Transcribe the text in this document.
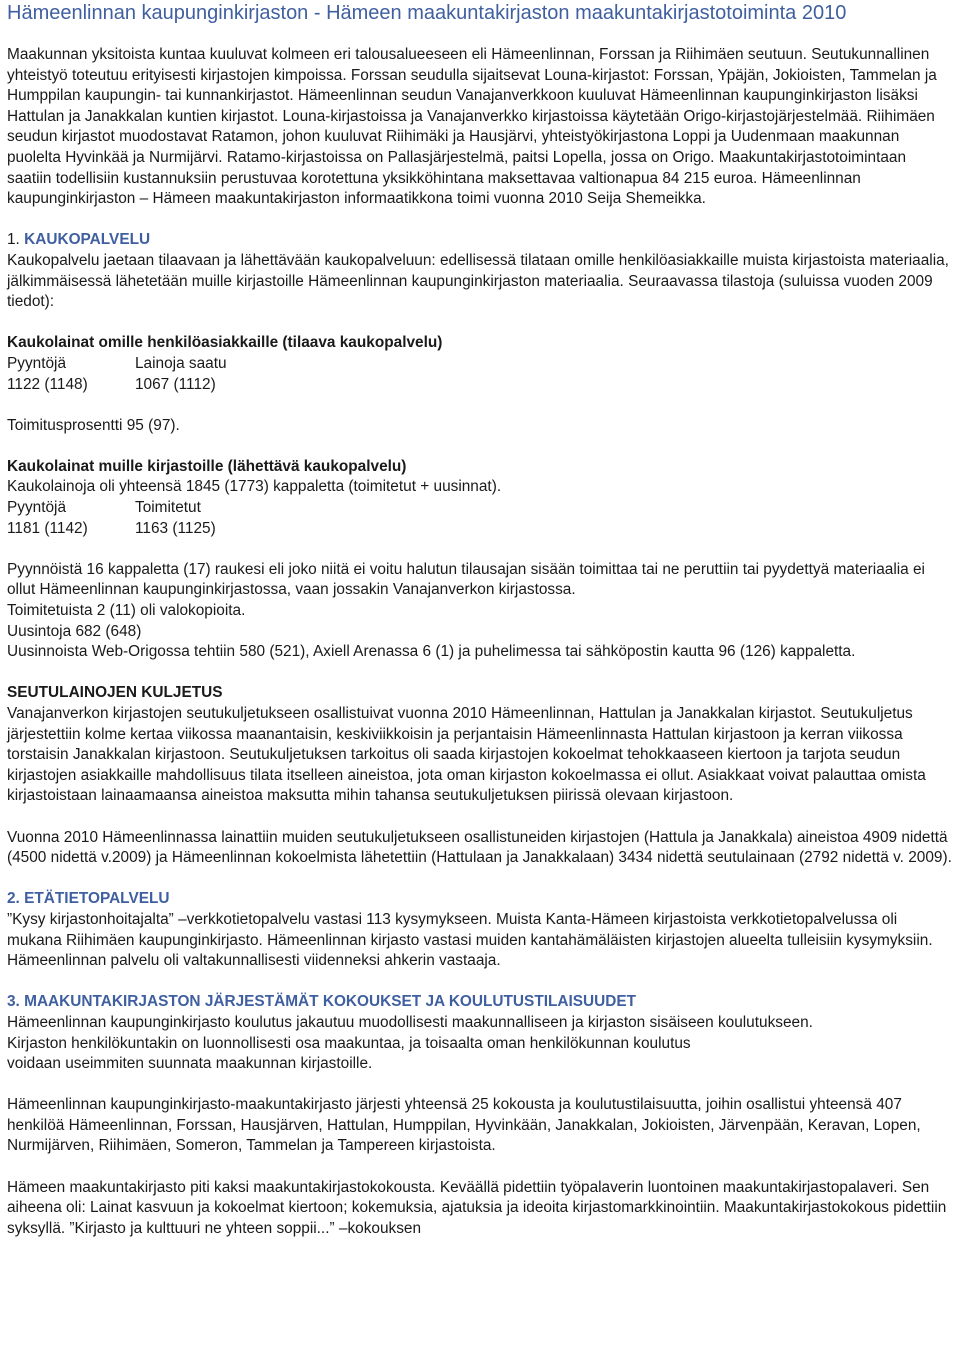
Hämeenlinnan kaupunginkirjaston - Hämeen maakuntakirjaston maakuntakirjastotoiminta 2010

Maakunnan yksitoista kuntaa kuuluvat kolmeen eri talousalueeseen eli Hämeenlinnan, Forssan ja Riihimäen seutuun. Seutukunnallinen yhteistyö toteutuu erityisesti kirjastojen kimpoissa. Forssan seudulla sijaitsevat Louna-kirjastot: Forssan, Ypäjän, Jokioisten, Tammelan ja Humppilan kaupungin- tai kunnankirjastot. Hämeenlinnan seudun Vanajanverkkoon kuuluvat Hämeenlinnan kaupunginkirjaston lisäksi Hattulan ja Janakkalan kuntien kirjastot. Louna-kirjastoissa ja Vanajanverkko kirjastoissa käytetään Origo-kirjastojärjestelmää. Riihimäen seudun kirjastot muodostavat Ratamon, johon kuuluvat Riihimäki ja Hausjärvi, yhteistyökirjastona Loppi ja Uudenmaan maakunnan puolelta Hyvinkää ja Nurmijärvi. Ratamo-kirjastoissa on Pallasjärjestelmä, paitsi Lopella, jossa on Origo. Maakuntakirjastotoimintaan saatiin todellisiin kustannuksiin perustuvaa korotettuna yksikköhintana maksettavaa valtionapua 84 215 euroa. Hämeenlinnan kaupunginkirjaston – Hämeen maakuntakirjaston informaatikkona toimi vuonna 2010 Seija Shemeikka.

1. KAUKOPALVELU

Kaukopalvelu jaetaan tilaavaan ja lähettävään kaukopalveluun: edellisessä tilataan omille henkilöasiakkaille muista kirjastoista materiaalia, jälkimmäisessä lähetetään muille kirjastoille Hämeenlinnan kaupunginkirjaston materiaalia. Seuraavassa tilastoja (suluissa vuoden 2009 tiedot):

Kaukolainat omille henkilöasiakkaille (tilaava kaukopalvelu)
Pyyntöjä	Lainoja saatu
1122 (1148)	1067 (1112)

Toimitusprosentti 95 (97).

Kaukolainat muille kirjastoille (lähettävä kaukopalvelu)

Kaukolainoja oli yhteensä 1845 (1773) kappaletta (toimitetut + uusinnat).

Pyyntöjä	Toimitetut
1181 (1142)	1163 (1125)

Pyynnöistä 16 kappaletta (17) raukesi eli joko niitä ei voitu halutun tilausajan sisään toimittaa tai ne peruttiin tai pyydettyä materiaalia ei ollut Hämeenlinnan kaupunginkirjastossa, vaan jossakin Vanajanverkon kirjastossa.

Toimitetuista 2 (11) oli valokopioita.

Uusintoja 682 (648)

Uusinnoista Web-Origossa tehtiin 580 (521), Axiell Arenassa 6 (1) ja puhelimessa tai sähköpostin kautta 96 (126) kappaletta.

SEUTULAINOJEN KULJETUS

Vanajanverkon kirjastojen seutukuljetukseen osallistuivat vuonna 2010 Hämeenlinnan, Hattulan ja Janakkalan kirjastot. Seutukuljetus järjestettiin kolme kertaa viikossa maanantaisin, keskiviikkoisin ja perjantaisin Hämeenlinnasta Hattulan kirjastoon ja kerran viikossa torstaisin Janakkalan kirjastoon. Seutukuljetuksen tarkoitus oli saada kirjastojen kokoelmat tehokkaaseen kiertoon ja tarjota seudun kirjastojen asiakkaille mahdollisuus tilata itselleen aineistoa, jota oman kirjaston kokoelmassa ei ollut. Asiakkaat voivat palauttaa omista kirjastoistaan lainaamaansa aineistoa maksutta mihin tahansa seutukuljetuksen piirissä olevaan kirjastoon.

Vuonna 2010 Hämeenlinnassa lainattiin muiden seutukuljetukseen osallistuneiden kirjastojen (Hattula ja Janakkala) aineistoa 4909 nidettä (4500 nidettä v.2009) ja Hämeenlinnan kokoelmista lähetettiin (Hattulaan ja Janakkalaan) 3434 nidettä seutulainaan (2792 nidettä v. 2009).

2. ETÄTIETOPALVELU

”Kysy kirjastonhoitajalta” –verkkotietopalvelu vastasi 113 kysymykseen. Muista Kanta-Hämeen kirjastoista verkkotietopalvelussa oli mukana Riihimäen kaupunginkirjasto. Hämeenlinnan kirjasto vastasi muiden kantahämäläisten kirjastojen alueelta tulleisiin kysymyksiin. Hämeenlinnan palvelu oli valtakunnallisesti viidenneksi ahkerin vastaaja.

3. MAAKUNTAKIRJASTON JÄRJESTÄMÄT KOKOUKSET JA KOULUTUSTILAISUUDET

Hämeenlinnan kaupunginkirjasto koulutus jakautuu muodollisesti maakunnalliseen ja kirjaston sisäiseen koulutukseen.

Kirjaston henkilökuntakin on luonnollisesti osa maakuntaa, ja toisaalta oman henkilökunnan koulutus

voidaan useimmiten suunnata maakunnan kirjastoille.

Hämeenlinnan kaupunginkirjasto-maakuntakirjasto järjesti yhteensä 25 kokousta ja koulutustilaisuutta, joihin osallistui yhteensä 407 henkilöä Hämeenlinnan, Forssan, Hausjärven, Hattulan, Humppilan, Hyvinkään, Janakkalan, Jokioisten, Järvenpään, Keravan, Lopen, Nurmijärven, Riihimäen, Someron, Tammelan ja Tampereen kirjastoista.

Hämeen maakuntakirjasto piti kaksi maakuntakirjastokokousta. Keväällä pidettiin työpalaverin luontoinen maakuntakirjastopalaveri. Sen aiheena oli: Lainat kasvuun ja kokoelmat kiertoon; kokemuksia, ajatuksia ja ideoita kirjastomarkkinointiin. Maakuntakirjastokokous pidettiin syksyllä. ”Kirjasto ja kulttuuri ne yhteen soppii...” –kokouksen
